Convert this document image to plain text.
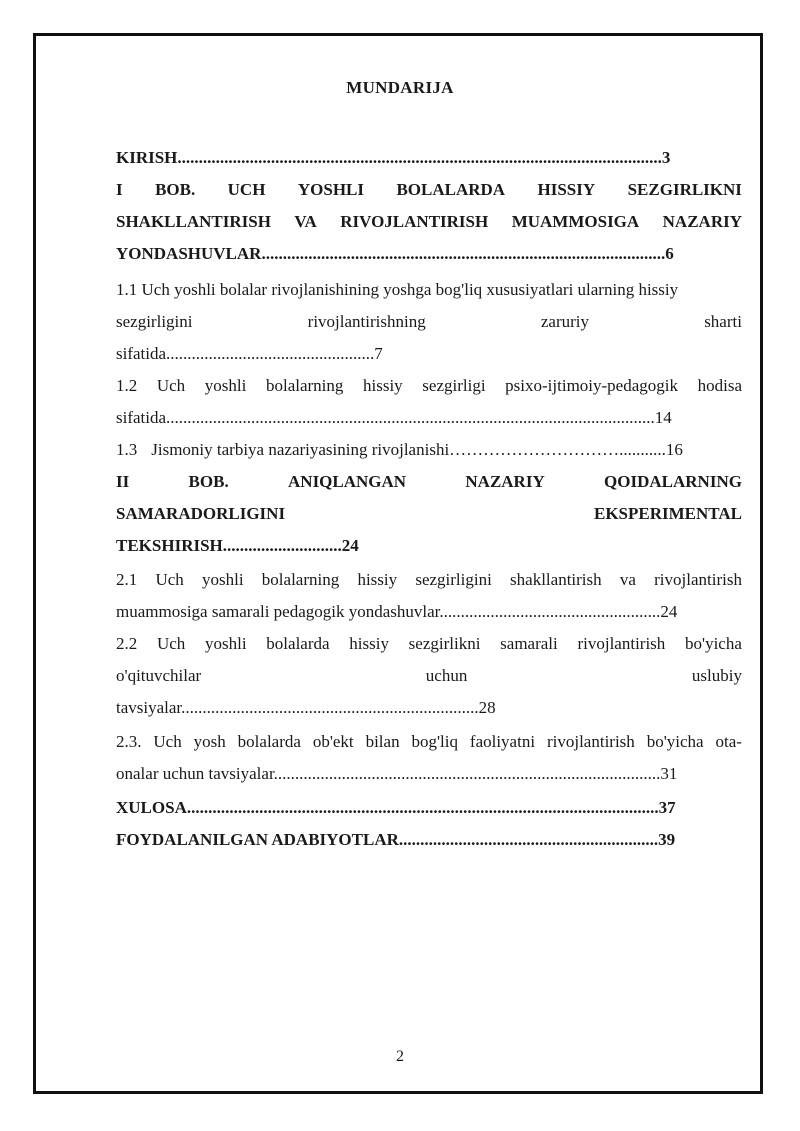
MUNDARIJA
KIRISH..................................................................................................................3
I BOB. UCH YOSHLI BOLALARDA HISSIY SEZGIRLIKNI
SHAKLLANTIRISH VA RIVOJLANTIRISH MUAMMOSIGA NAZARIY
YONDASHUVLAR...............................................................................................6
1.1 Uch yoshli bolalar rivojlanishining yoshga bog'liq xususiyatlari ularning hissiy
sezgirligini	rivojlantirishning	zaruriy	sharti
sifatida.................................................7
1.2 Uch yoshli bolalarning hissiy sezgirligi psixo-ijtimoiy-pedagogik hodisa
sifatida...................................................................................................................14
1.3 Jismoniy tarbiya nazariyasining rivojlanishi…………………………...........16
II	BOB.	ANIQLANGAN	NAZARIY	QOIDALARNING
SAMARADORLIGINI	EKSPERIMENTAL
TEKSHIRISH............................24
2.1 Uch yoshli bolalarning hissiy sezgirligini shakllantirish va rivojlantirish
muammosiga samarali pedagogik yondashuvlar....................................................24
2.2 Uch yoshli bolalarda hissiy sezgirlikni samarali rivojlantirish bo'yicha
o'qituvchilar	uchun	uslubiy
tavsiyalar......................................................................28
2.3. Uch yosh bolalarda ob'ekt bilan bog'liq faoliyatni rivojlantirish bo'yicha ota-
onalar uchun tavsiyalar...........................................................................................31
XULOSA...............................................................................................................37
FOYDALANILGAN ADABIYOTLAR.............................................................39
2
